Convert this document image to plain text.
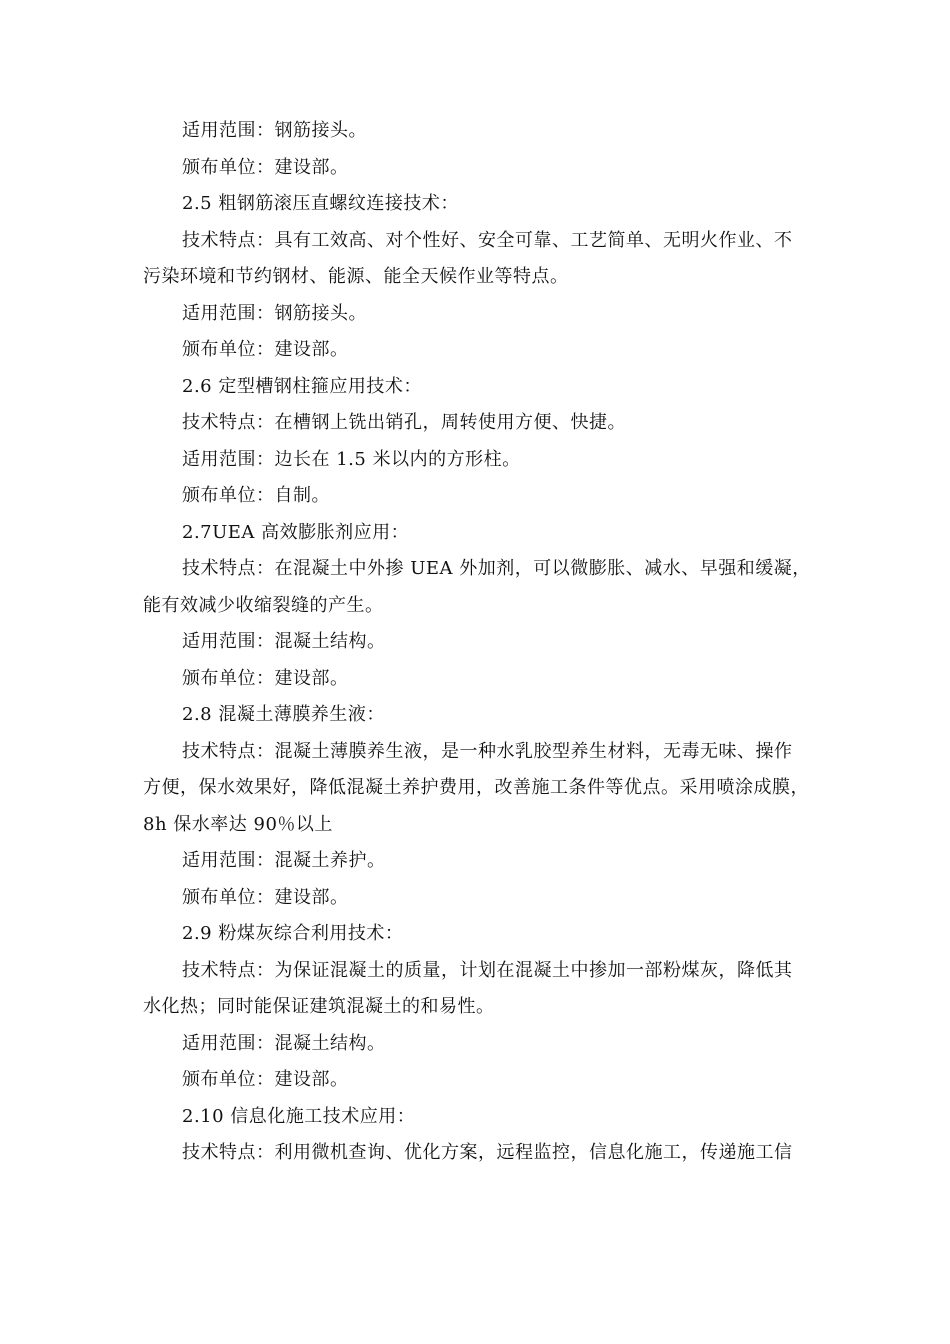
适用范围：钢筋接头。
颁布单位：建设部。
2.5 粗钢筋滚压直螺纹连接技术：
技术特点：具有工效高、对个性好、安全可靠、工艺简单、无明火作业、不
污染环境和节约钢材、能源、能全天候作业等特点。
适用范围：钢筋接头。
颁布单位：建设部。
2.6 定型槽钢柱箍应用技术：
技术特点：在槽钢上铣出销孔，周转使用方便、快捷。
适用范围：边长在 1.5 米以内的方形柱。
颁布单位：自制。
2.7UEA 高效膨胀剂应用：
技术特点：在混凝土中外掺 UEA 外加剂，可以微膨胀、减水、早强和缓凝，
能有效减少收缩裂缝的产生。
适用范围：混凝土结构。
颁布单位：建设部。
2.8 混凝土薄膜养生液：
技术特点：混凝土薄膜养生液，是一种水乳胶型养生材料，无毒无味、操作
方便，保水效果好，降低混凝土养护费用，改善施工条件等优点。采用喷涂成膜，
8h 保水率达 90％以上
适用范围：混凝土养护。
颁布单位：建设部。
2.9 粉煤灰综合利用技术：
技术特点：为保证混凝土的质量，计划在混凝土中掺加一部粉煤灰，降低其
水化热；同时能保证建筑混凝土的和易性。
适用范围：混凝土结构。
颁布单位：建设部。
2.10 信息化施工技术应用：
技术特点：利用微机查询、优化方案，远程监控，信息化施工，传递施工信
